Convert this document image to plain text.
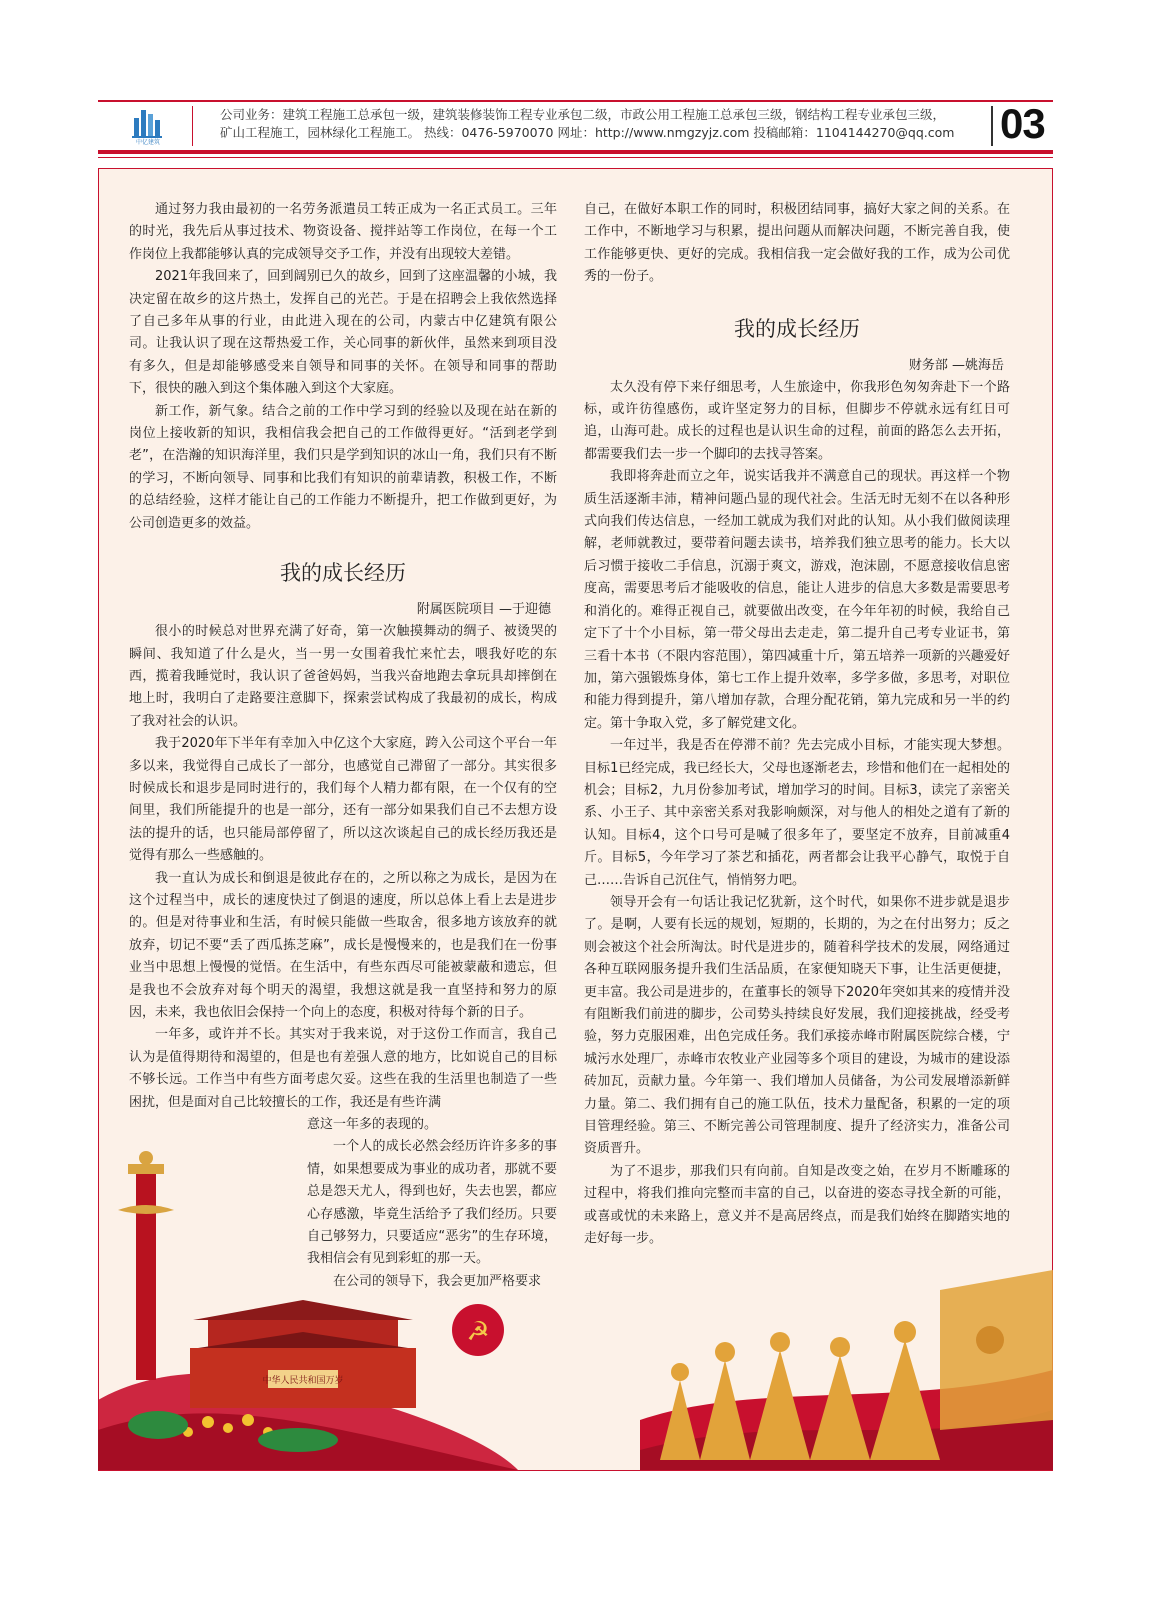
中亿建筑
公司业务：建筑工程施工总承包一级，建筑装修装饰工程专业承包二级，市政公用工程施工总承包三级，钢结构工程专业承包三级，
矿山工程施工，园林绿化工程施工。 热线：0476-5970070 网址：http://www.nmgzyjz.com 投稿邮箱：1104144270@qq.com	03

通过努力我由最初的一名劳务派遣员工转正成为一名正式员工。三年的时光，我先后从事过技术、物资设备、搅拌站等工作岗位，在每一个工作岗位上我都能够认真的完成领导交予工作，并没有出现较大差错。

2021年我回来了，回到阔别已久的故乡，回到了这座温馨的小城，我决定留在故乡的这片热土，发挥自己的光芒。于是在招聘会上我依然选择了自己多年从事的行业，由此进入现在的公司，内蒙古中亿建筑有限公司。让我认识了现在这帮热爱工作，关心同事的新伙伴，虽然来到项目没有多久，但是却能够感受来自领导和同事的关怀。在领导和同事的帮助下，很快的融入到这个集体融入到这个大家庭。

新工作，新气象。结合之前的工作中学习到的经验以及现在站在新的岗位上接收新的知识，我相信我会把自己的工作做得更好。“活到老学到老”，在浩瀚的知识海洋里，我们只是学到知识的冰山一角，我们只有不断的学习，不断向领导、同事和比我们有知识的前辈请教，积极工作，不断的总结经验，这样才能让自己的工作能力不断提升，把工作做到更好，为公司创造更多的效益。

我的成长经历
附属医院项目 —于迎德

很小的时候总对世界充满了好奇，第一次触摸舞动的绸子、被烫哭的瞬间、我知道了什么是火，当一男一女围着我忙来忙去，喂我好吃的东西，揽着我睡觉时，我认识了爸爸妈妈，当我兴奋地跑去拿玩具却摔倒在地上时，我明白了走路要注意脚下，探索尝试构成了我最初的成长，构成了我对社会的认识。

我于2020年下半年有幸加入中亿这个大家庭，跨入公司这个平台一年多以来，我觉得自己成长了一部分，也感觉自己滞留了一部分。其实很多时候成长和退步是同时进行的，我们每个人精力都有限，在一个仅有的空间里，我们所能提升的也是一部分，还有一部分如果我们自己不去想方设法的提升的话，也只能局部停留了，所以这次谈起自己的成长经历我还是觉得有那么一些感触的。

我一直认为成长和倒退是彼此存在的，之所以称之为成长，是因为在这个过程当中，成长的速度快过了倒退的速度，所以总体上看上去是进步的。但是对待事业和生活，有时候只能做一些取舍，很多地方该放弃的就放弃，切记不要“丢了西瓜拣芝麻”，成长是慢慢来的，也是我们在一份事业当中思想上慢慢的觉悟。在生活中，有些东西尽可能被蒙蔽和遗忘，但是我也不会放弃对每个明天的渴望，我想这就是我一直坚持和努力的原因，未来，我也依旧会保持一个向上的态度，积极对待每个新的日子。

一年多，或许并不长。其实对于我来说，对于这份工作而言，我自己认为是值得期待和渴望的，但是也有差强人意的地方，比如说自己的目标不够长远。工作当中有些方面考虑欠妥。这些在我的生活里也制造了一些困扰，但是面对自己比较擅长的工作，我还是有些许满

意这一年多的表现的。

一个人的成长必然会经历许许多多的事情，如果想要成为事业的成功者，那就不要总是怨天尤人，得到也好，失去也罢，都应心存感激，毕竟生活给予了我们经历。只要自己够努力，只要适应“恶劣”的生存环境，我相信会有见到彩虹的那一天。

在公司的领导下，我会更加严格要求

自己，在做好本职工作的同时，积极团结同事，搞好大家之间的关系。在工作中，不断地学习与积累，提出问题从而解决问题，不断完善自我，使工作能够更快、更好的完成。我相信我一定会做好我的工作，成为公司优秀的一份子。

我的成长经历
财务部 —姚海岳

太久没有停下来仔细思考，人生旅途中，你我形色匆匆奔赴下一个路标，或许彷徨感伤，或许坚定努力的目标，但脚步不停就永远有红日可追，山海可赴。成长的过程也是认识生命的过程，前面的路怎么去开拓，都需要我们去一步一个脚印的去找寻答案。

我即将奔赴而立之年，说实话我并不满意自己的现状。再这样一个物质生活逐渐丰沛，精神问题凸显的现代社会。生活无时无刻不在以各种形式向我们传达信息，一经加工就成为我们对此的认知。从小我们做阅读理解，老师就教过，要带着问题去读书，培养我们独立思考的能力。长大以后习惯于接收二手信息，沉溺于爽文，游戏，泡沫剧，不愿意接收信息密度高，需要思考后才能吸收的信息，能让人进步的信息大多数是需要思考和消化的。难得正视自己，就要做出改变，在今年年初的时候，我给自己定下了十个小目标，第一带父母出去走走，第二提升自己考专业证书，第三看十本书（不限内容范围），第四减重十斤，第五培养一项新的兴趣爱好加，第六强锻炼身体，第七工作上提升效率，多学多做，多思考，对职位和能力得到提升，第八增加存款，合理分配花销，第九完成和另一半的约定。第十争取入党，多了解党建文化。

一年过半，我是否在停滞不前？先去完成小目标，才能实现大梦想。目标1已经完成，我已经长大，父母也逐渐老去，珍惜和他们在一起相处的机会；目标2，九月份参加考试，增加学习的时间。目标3，读完了亲密关系、小王子、其中亲密关系对我影响颇深，对与他人的相处之道有了新的认知。目标4，这个口号可是喊了很多年了，要坚定不放弃，目前减重4斤。目标5，今年学习了茶艺和插花，两者都会让我平心静气，取悦于自己……告诉自己沉住气，悄悄努力吧。

领导开会有一句话让我记忆犹新，这个时代，如果你不进步就是退步了。是啊，人要有长远的规划，短期的，长期的，为之在付出努力；反之则会被这个社会所淘汰。时代是进步的，随着科学技术的发展，网络通过各种互联网服务提升我们生活品质，在家便知晓天下事，让生活更便捷，更丰富。我公司是进步的，在董事长的领导下2020年突如其来的疫情并没有阻断我们前进的脚步，公司势头持续良好发展，我们迎接挑战，经受考验，努力克服困难，出色完成任务。我们承接赤峰市附属医院综合楼，宁城污水处理厂，赤峰市农牧业产业园等多个项目的建设，为城市的建设添砖加瓦，贡献力量。今年第一、我们增加人员储备，为公司发展增添新鲜力量。第二、我们拥有自己的施工队伍，技术力量配备，积累的一定的项目管理经验。第三、不断完善公司管理制度、提升了经济实力，准备公司资质晋升。

为了不退步，那我们只有向前。自知是改变之始，在岁月不断雕琢的过程中，将我们推向完整而丰富的自己，以奋进的姿态寻找全新的可能，或喜或忧的未来路上，意义并不是高居终点，而是我们始终在脚踏实地的走好每一步。

中华人民共和国万岁
☭
